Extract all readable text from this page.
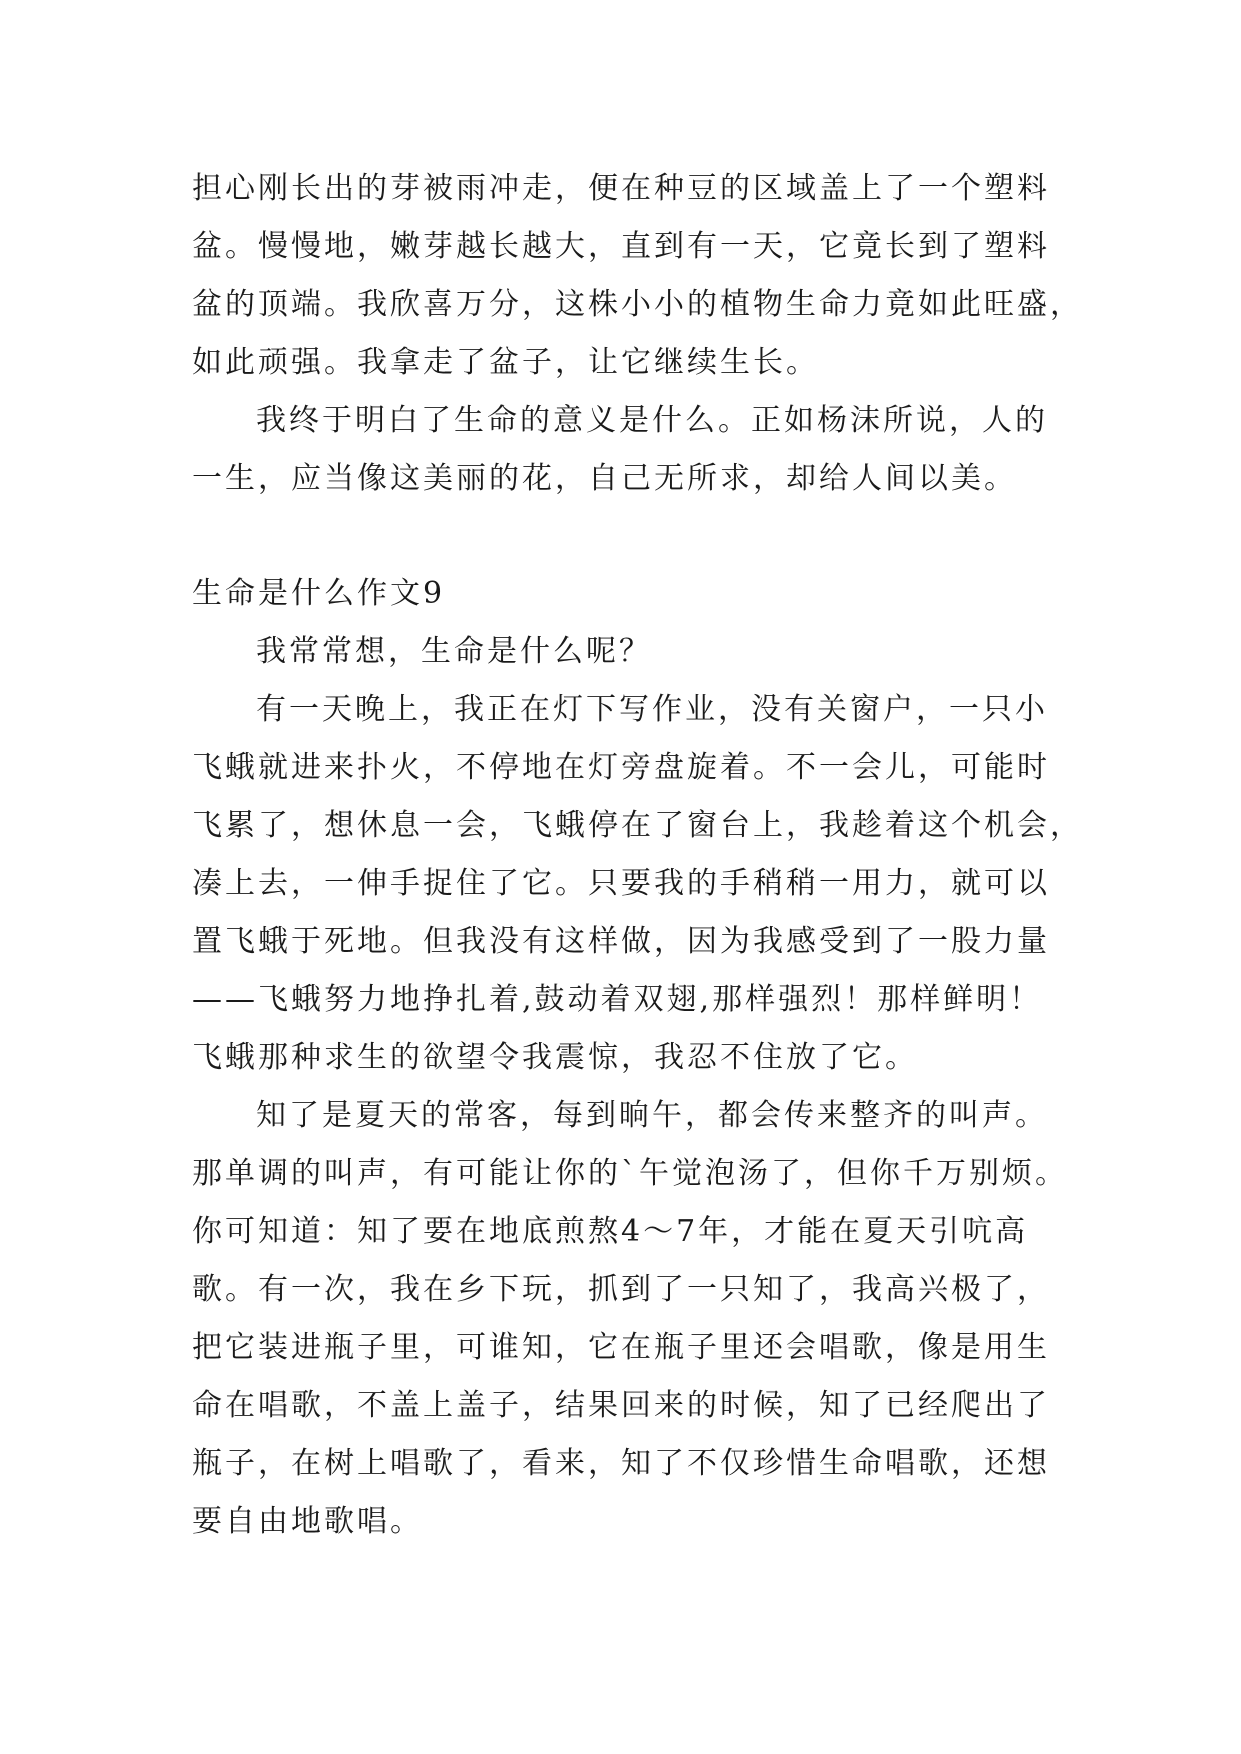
担心刚长出的芽被雨冲走，便在种豆的区域盖上了一个塑料
盆。慢慢地，嫩芽越长越大，直到有一天，它竟长到了塑料
盆的顶端。我欣喜万分，这株小小的植物生命力竟如此旺盛，
如此顽强。我拿走了盆子，让它继续生长。
我终于明白了生命的意义是什么。正如杨沫所说，人的
一生，应当像这美丽的花，自己无所求，却给人间以美。
生命是什么作文9
我常常想，生命是什么呢？
有一天晚上，我正在灯下写作业，没有关窗户，一只小
飞蛾就进来扑火，不停地在灯旁盘旋着。不一会儿，可能时
飞累了，想休息一会，飞蛾停在了窗台上，我趁着这个机会，
凑上去，一伸手捉住了它。只要我的手稍稍一用力，就可以
置飞蛾于死地。但我没有这样做，因为我感受到了一股力量
——飞蛾努力地挣扎着,鼓动着双翅,那样强烈！那样鲜明！
飞蛾那种求生的欲望令我震惊，我忍不住放了它。
知了是夏天的常客，每到晌午，都会传来整齐的叫声。
那单调的叫声，有可能让你的`午觉泡汤了，但你千万别烦。
你可知道：知了要在地底煎熬4～7年，才能在夏天引吭高
歌。有一次，我在乡下玩，抓到了一只知了，我高兴极了，
把它装进瓶子里，可谁知，它在瓶子里还会唱歌，像是用生
命在唱歌，不盖上盖子，结果回来的时候，知了已经爬出了
瓶子，在树上唱歌了，看来，知了不仅珍惜生命唱歌，还想
要自由地歌唱。
